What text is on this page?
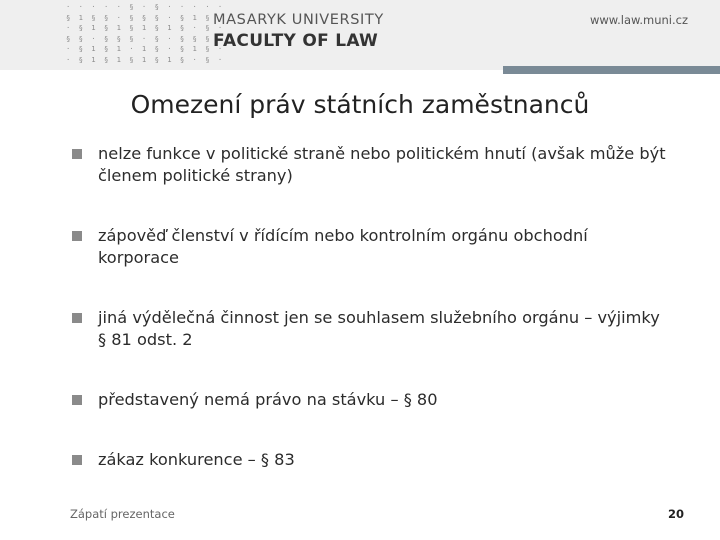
· · · · · § · § · ·
§ 1 § § · § § § · §
· § 1 § 1 § 1 § 1 §
§ § · § § § · § · §
· § 1 § 1 · 1 § · §
· § 1 § 1 § 1 § 1 §
MASARYK UNIVERSITY
FACULTY OF LAW
www.law.muni.cz
Omezení práv státních zaměstnanců
nelze funkce v politické straně nebo politickém hnutí (avšak může být členem politické strany)
zápověď členství v řídícím nebo kontrolním orgánu obchodní korporace
jiná výdělečná činnost jen se souhlasem služebního orgánu – výjimky § 81 odst. 2
představený nemá právo na stávku – § 80
zákaz konkurence – § 83
Zápatí prezentace	20
